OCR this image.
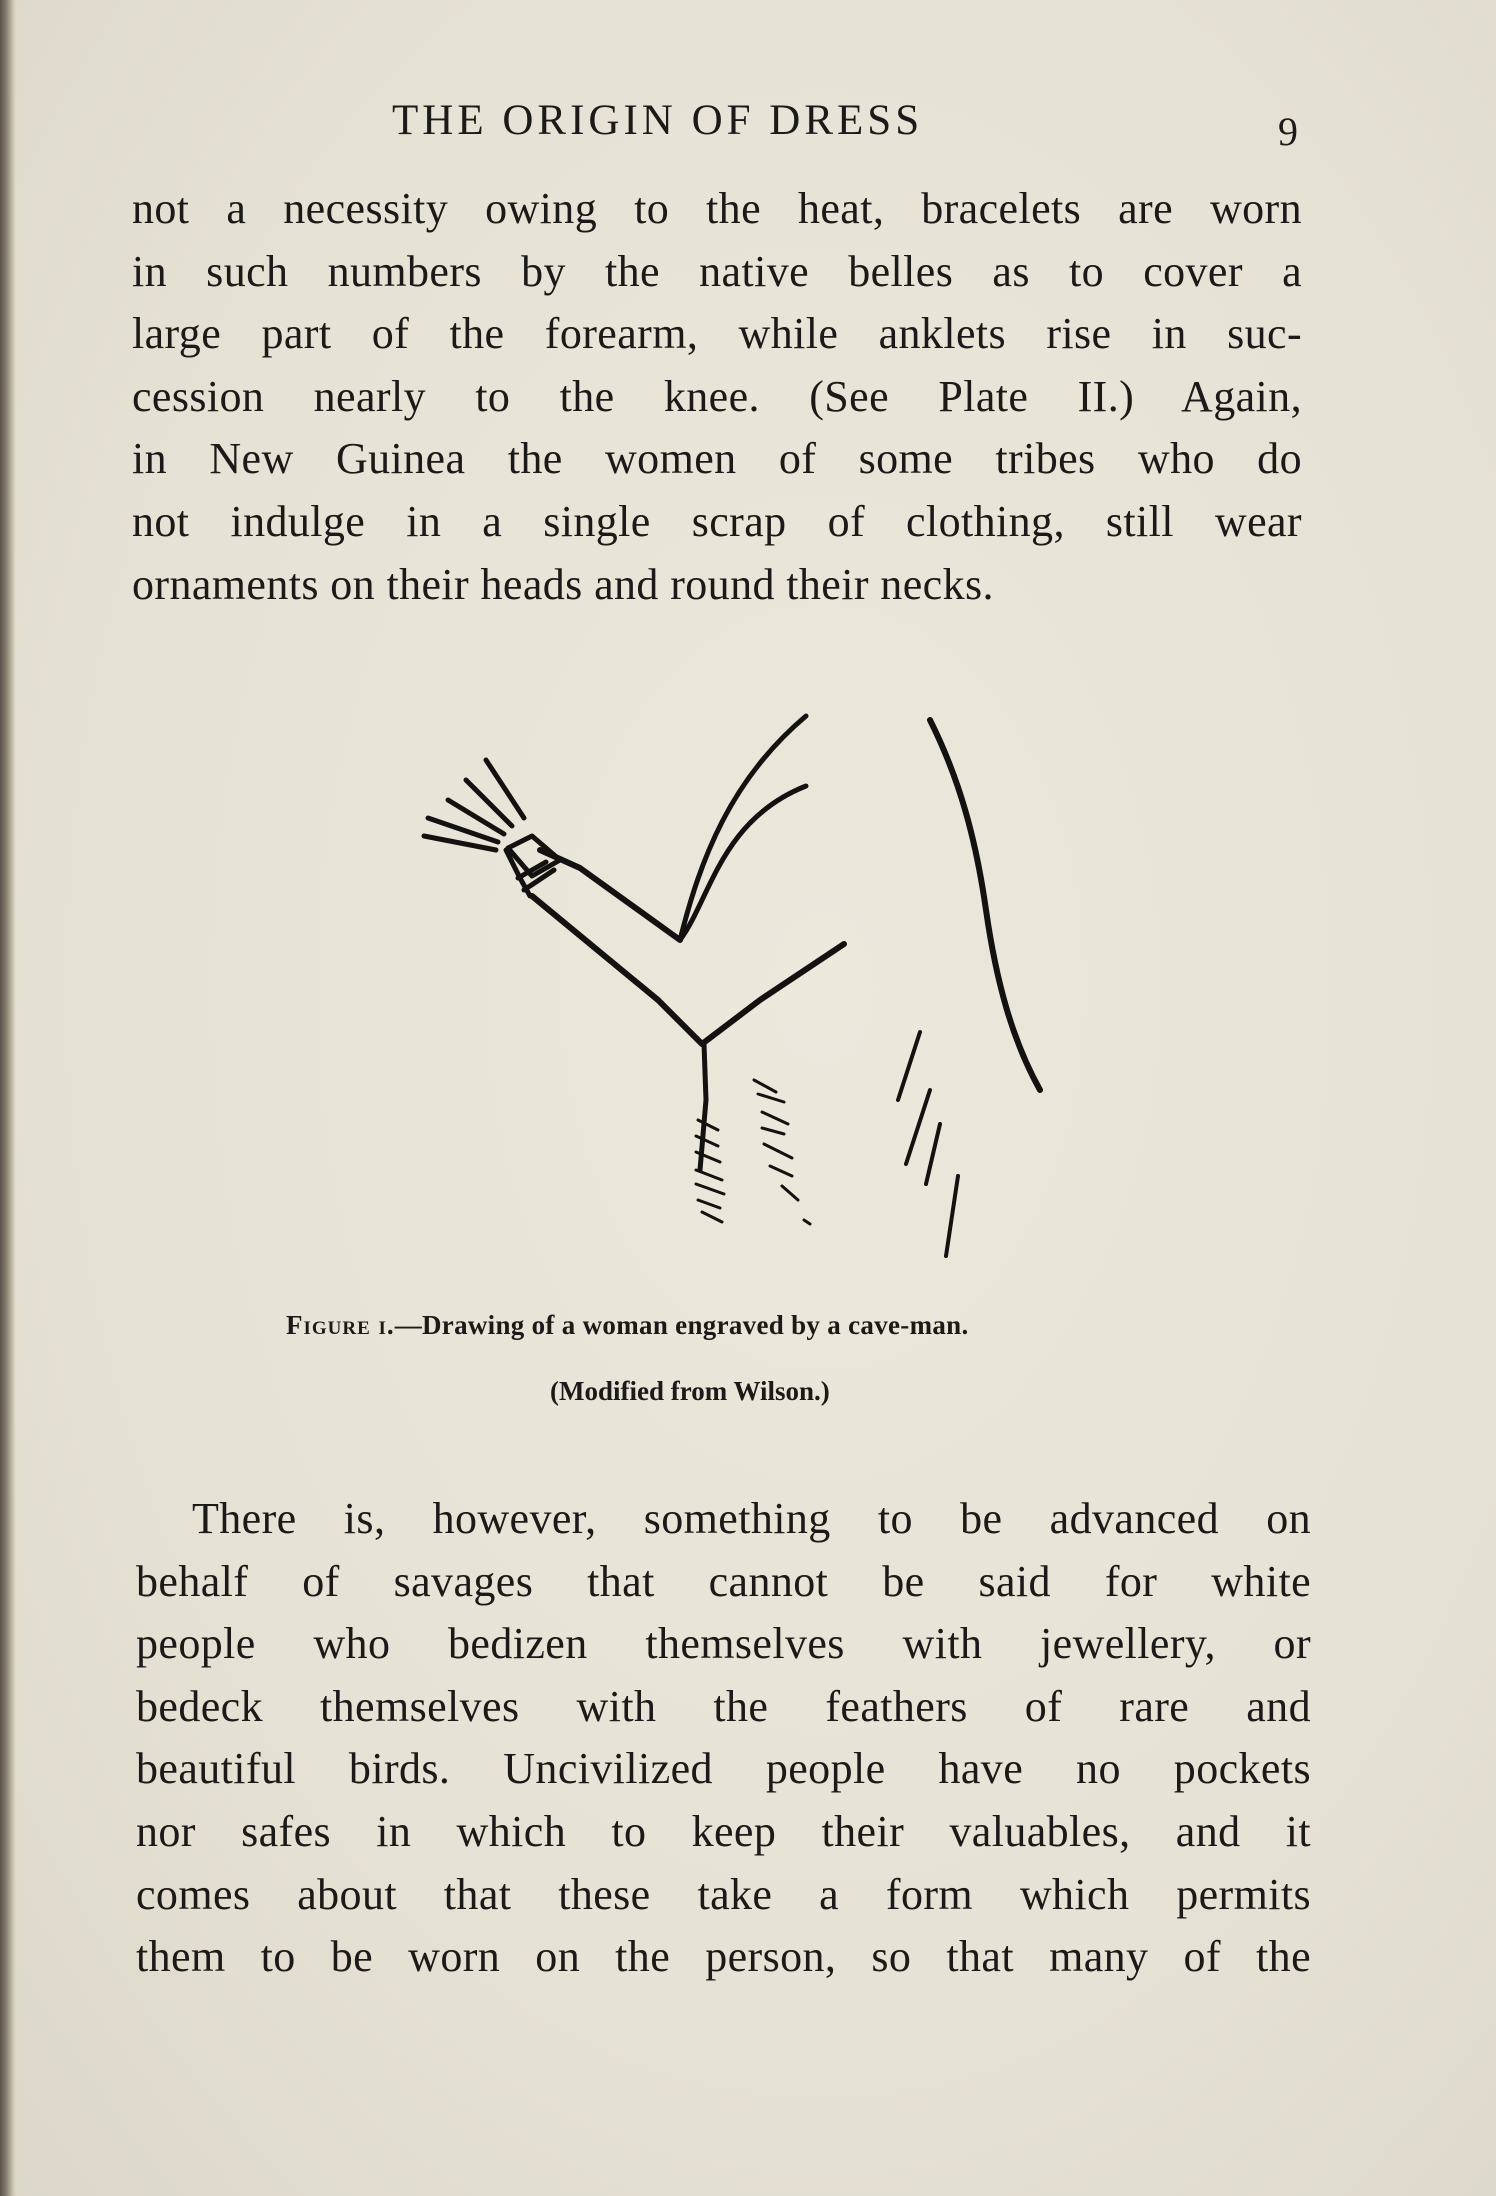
THE ORIGIN OF DRESS	9
not a necessity owing to the heat, bracelets are worn
in such numbers by the native belles as to cover a
large part of the forearm, while anklets rise in suc-
cession nearly to the knee. (See Plate II.) Again,
in New Guinea the women of some tribes who do
not indulge in a single scrap of clothing, still wear
ornaments on their heads and round their necks.
Figure i.—Drawing of a woman engraved by a cave-man.
(Modified from Wilson.)
There is, however, something to be advanced on
behalf of savages that cannot be said for white
people who bedizen themselves with jewellery, or
bedeck themselves with the feathers of rare and
beautiful birds. Uncivilized people have no pockets
nor safes in which to keep their valuables, and it
comes about that these take a form which permits
them to be worn on the person, so that many of the
